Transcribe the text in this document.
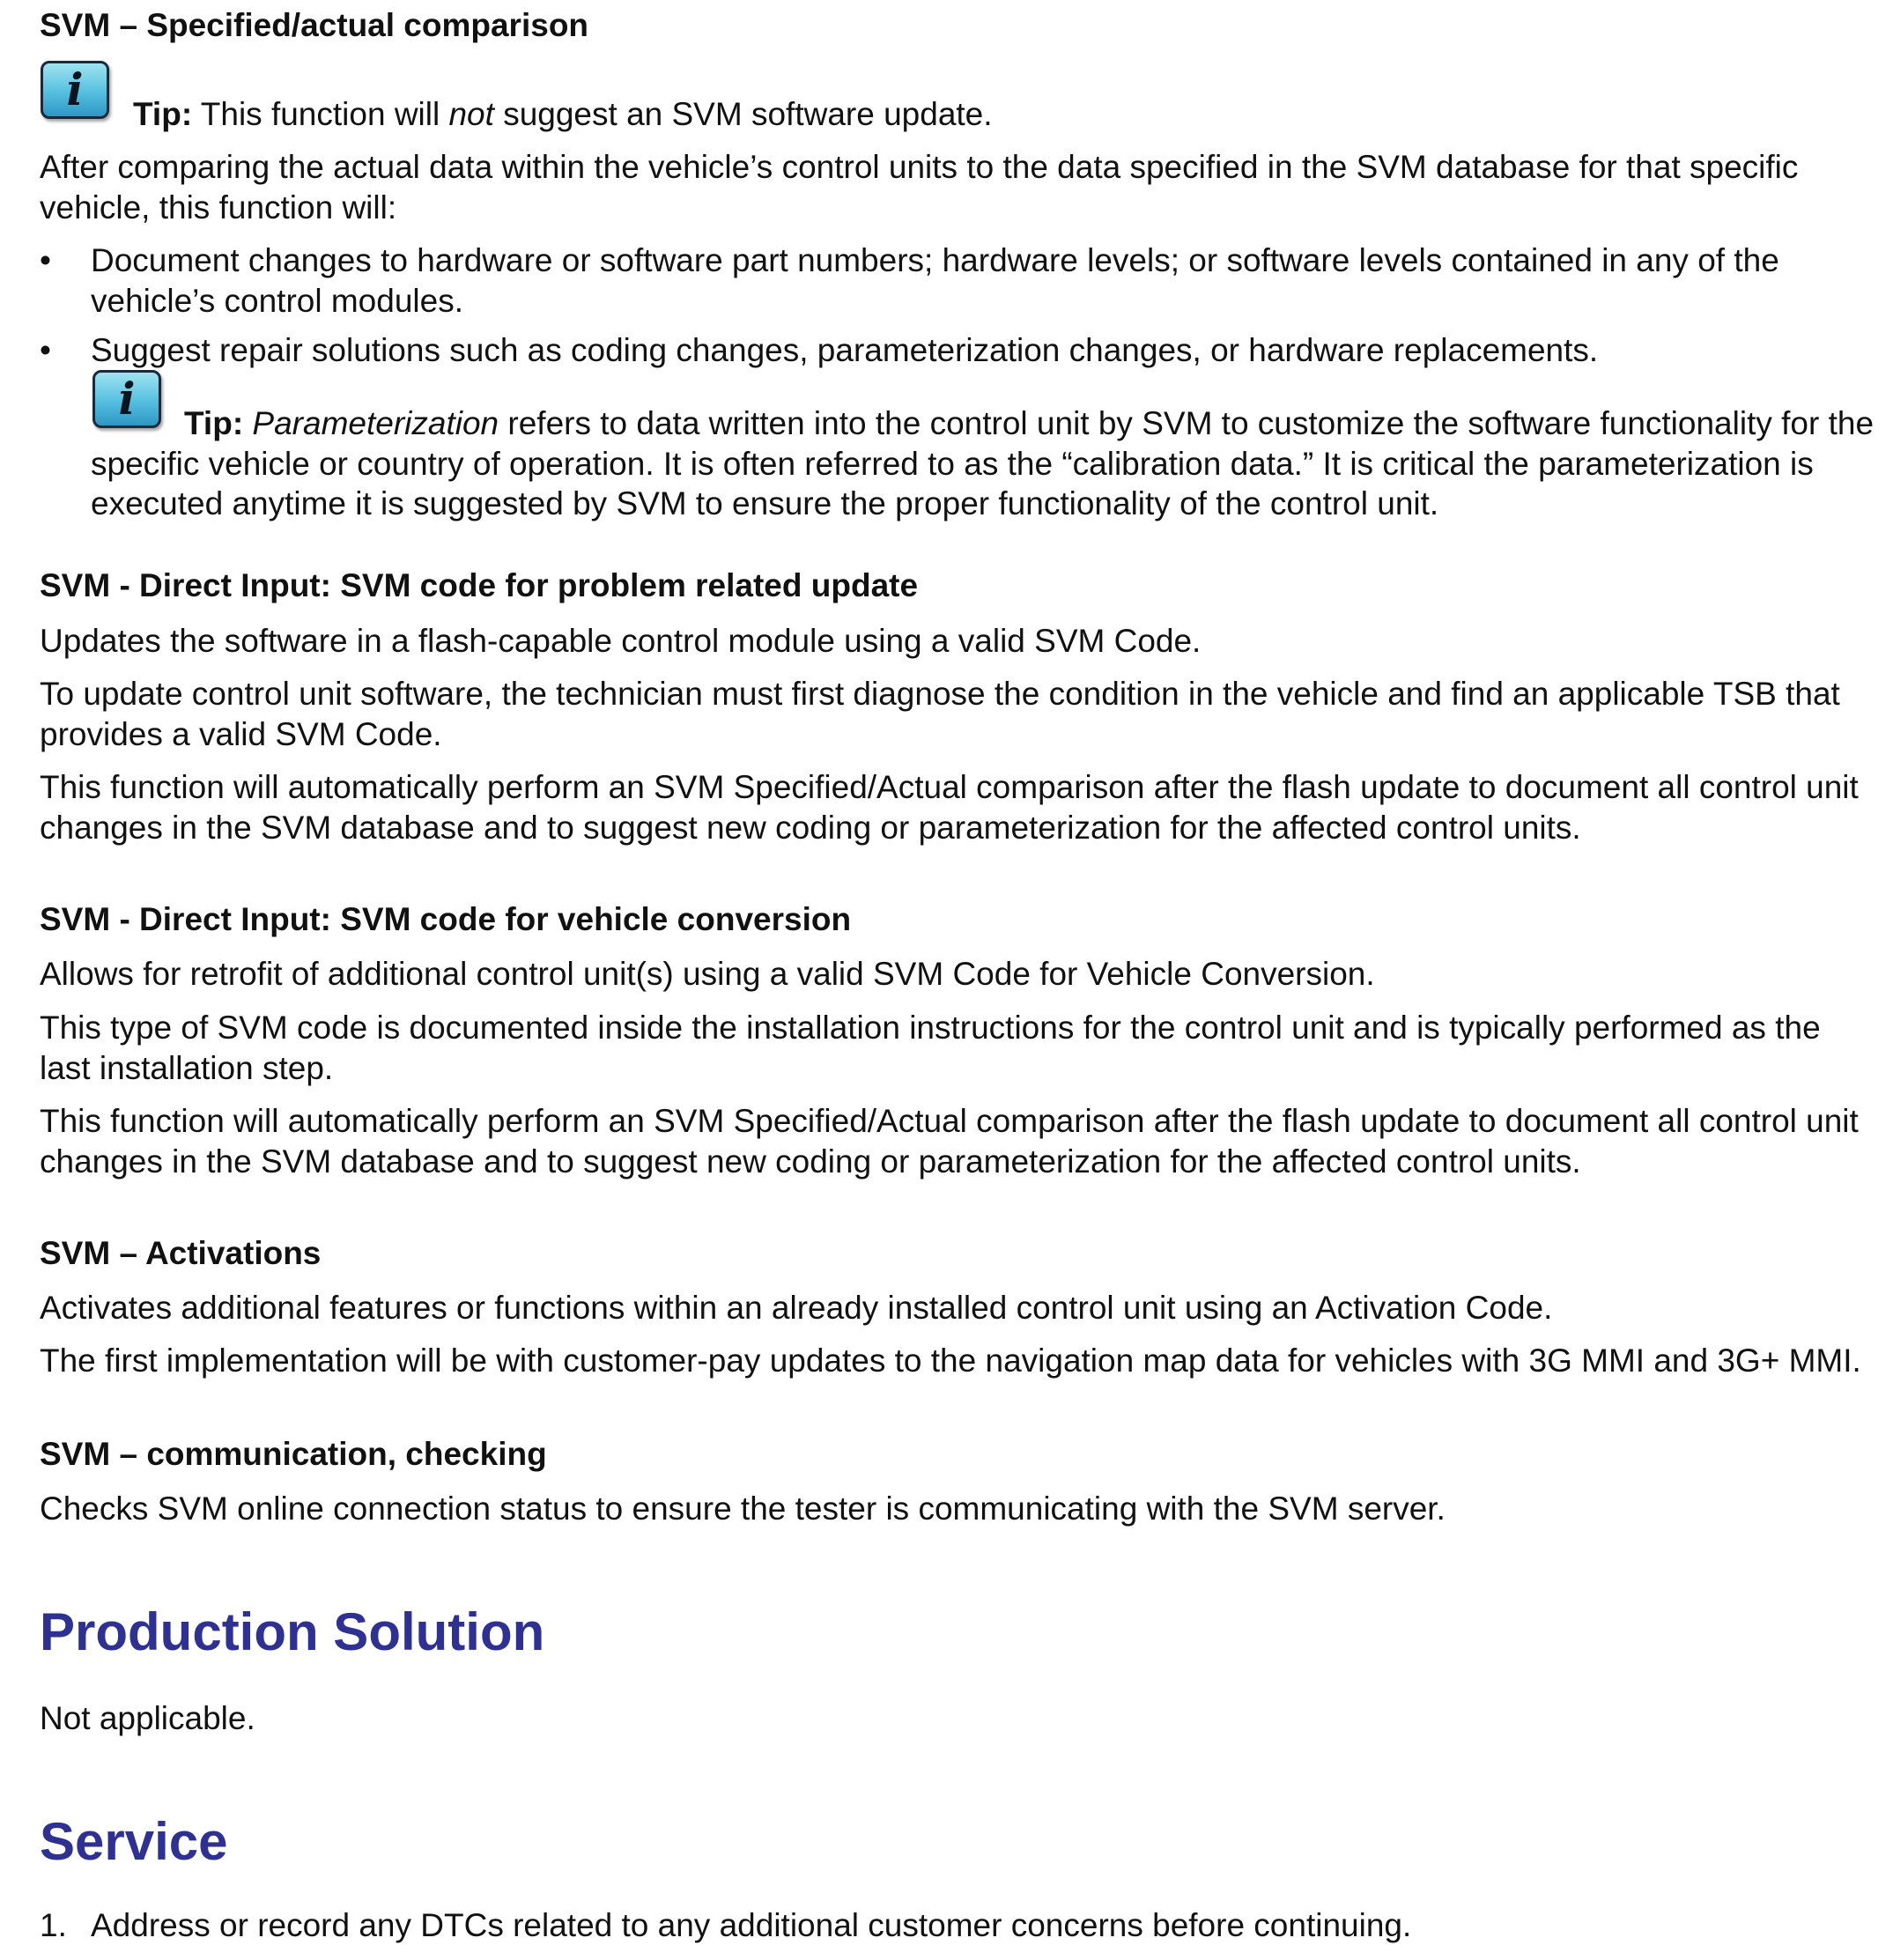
SVM – Specified/actual comparison
i	Tip: This function will not suggest an SVM software update.

After comparing the actual data within the vehicle’s control units to the data specified in the SVM database for that specific vehicle, this function will:

• Document changes to hardware or software part numbers; hardware levels; or software levels contained in any of the vehicle’s control modules.

• Suggest repair solutions such as coding changes, parameterization changes, or hardware replacements.

i	Tip: Parameterization refers to data written into the control unit by SVM to customize the software functionality for the specific vehicle or country of operation. It is often referred to as the “calibration data.” It is critical the parameterization is executed anytime it is suggested by SVM to ensure the proper functionality of the control unit.

SVM - Direct Input: SVM code for problem related update

Updates the software in a flash-capable control module using a valid SVM Code.

To update control unit software, the technician must first diagnose the condition in the vehicle and find an applicable TSB that provides a valid SVM Code.

This function will automatically perform an SVM Specified/Actual comparison after the flash update to document all control unit changes in the SVM database and to suggest new coding or parameterization for the affected control units.

SVM - Direct Input: SVM code for vehicle conversion

Allows for retrofit of additional control unit(s) using a valid SVM Code for Vehicle Conversion.

This type of SVM code is documented inside the installation instructions for the control unit and is typically performed as the last installation step.

This function will automatically perform an SVM Specified/Actual comparison after the flash update to document all control unit changes in the SVM database and to suggest new coding or parameterization for the affected control units.

SVM – Activations

Activates additional features or functions within an already installed control unit using an Activation Code.

The first implementation will be with customer-pay updates to the navigation map data for vehicles with 3G MMI and 3G+ MMI.

SVM – communication, checking

Checks SVM online connection status to ensure the tester is communicating with the SVM server.

Production Solution

Not applicable.

Service
1. Address or record any DTCs related to any additional customer concerns before continuing.
